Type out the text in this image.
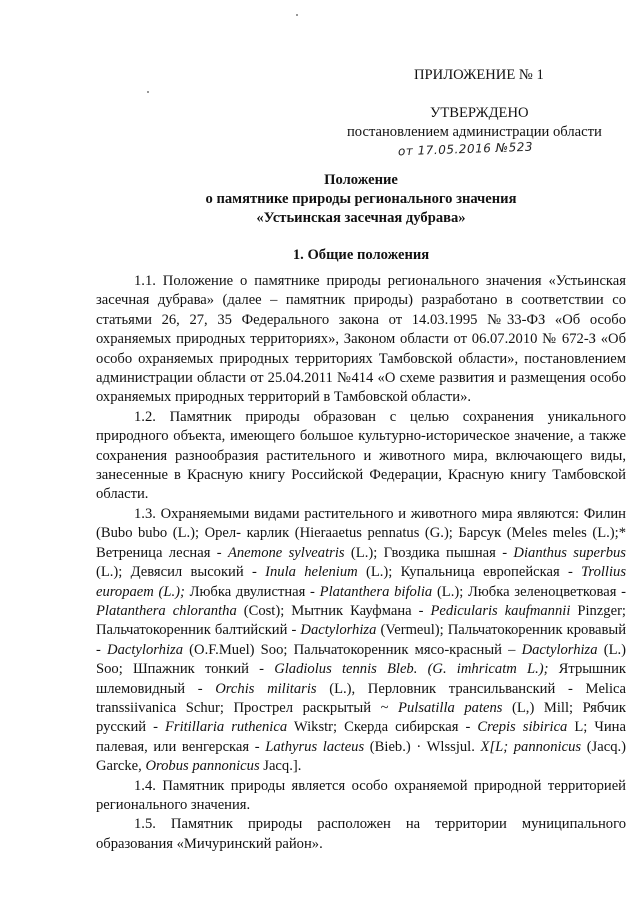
ПРИЛОЖЕНИЕ № 1
УТВЕРЖДЕНО
постановлением администрации области
от 17.05.2016 №523
Положение
о памятнике природы регионального значения
«Устьинская засечная дубрава»
1. Общие положения

1.1. Положение о памятнике природы регионального значения «Устьинская засечная дубрава» (далее – памятник природы) разработано в соответствии со статьями 26, 27, 35 Федерального закона от 14.03.1995 №33-ФЗ «Об особо охраняемых природных территориях», Законом области от 06.07.2010 № 672-З «Об особо охраняемых природных территориях Тамбовской области», постановлением администрации области от 25.04.2011 №414 «О схеме развития и размещения особо охраняемых природных территорий в Тамбовской области».

1.2. Памятник природы образован с целью сохранения уникального природного объекта, имеющего большое культурно-историческое значение, а также сохранения разнообразия растительного и животного мира, включающего виды, занесенные в Красную книгу Российской Федерации, Красную книгу Тамбовской области.

1.3. Охраняемыми видами растительного и животного мира являются: Филин (Bubo bubo (L.); Орел- карлик (Hieraaetus pennatus (G.); Барсук (Meles meles (L.);* Ветреница лесная - Anemone sylveatris (L.); Гвоздика пышная - Dianthus superbus (L.); Девясил высокий - Inula helenium (L.); Купальница европейская - Trollius europaem (L.); Любка двулистная - Platanthera bifolia (L.); Любка зеленоцветковая - Platanthera chlorantha (Cost); Мытник Кауфмана - Pedicularis kaufmannii Pinzger; Пальчатокоренник балтийский - Dactylorhiza (Vermeul); Пальчатокоренник кровавый - Dactylorhiza (O.F.Muel) Soo; Пальчатокоренник мясо-красный – Dactylorhiza (L.) Soo; Шпажник тонкий - Gladiolus tennis Bleb. (G. imhricatm L.); Ятрышник шлемовидный - Orchis militaris (L.), Перловник трансильванский - Melica transsiivanica Schur; Прострел раскрытый ~ Pulsatilla patens (L,) Mill; Рябчик русский - Fritillaria ruthenica Wikstr; Скерда сибирская - Crepis sibirica L; Чина палевая, или венгерская - Lathyrus lacteus (Bieb.) · Wlssjul. X[L; pannonicus (Jacq.) Garcke, Orobus pannonicus Jacq.].

1.4. Памятник природы является особо охраняемой природной территорией регионального значения.

1.5. Памятник природы расположен на территории муниципального образования «Мичуринский район».
